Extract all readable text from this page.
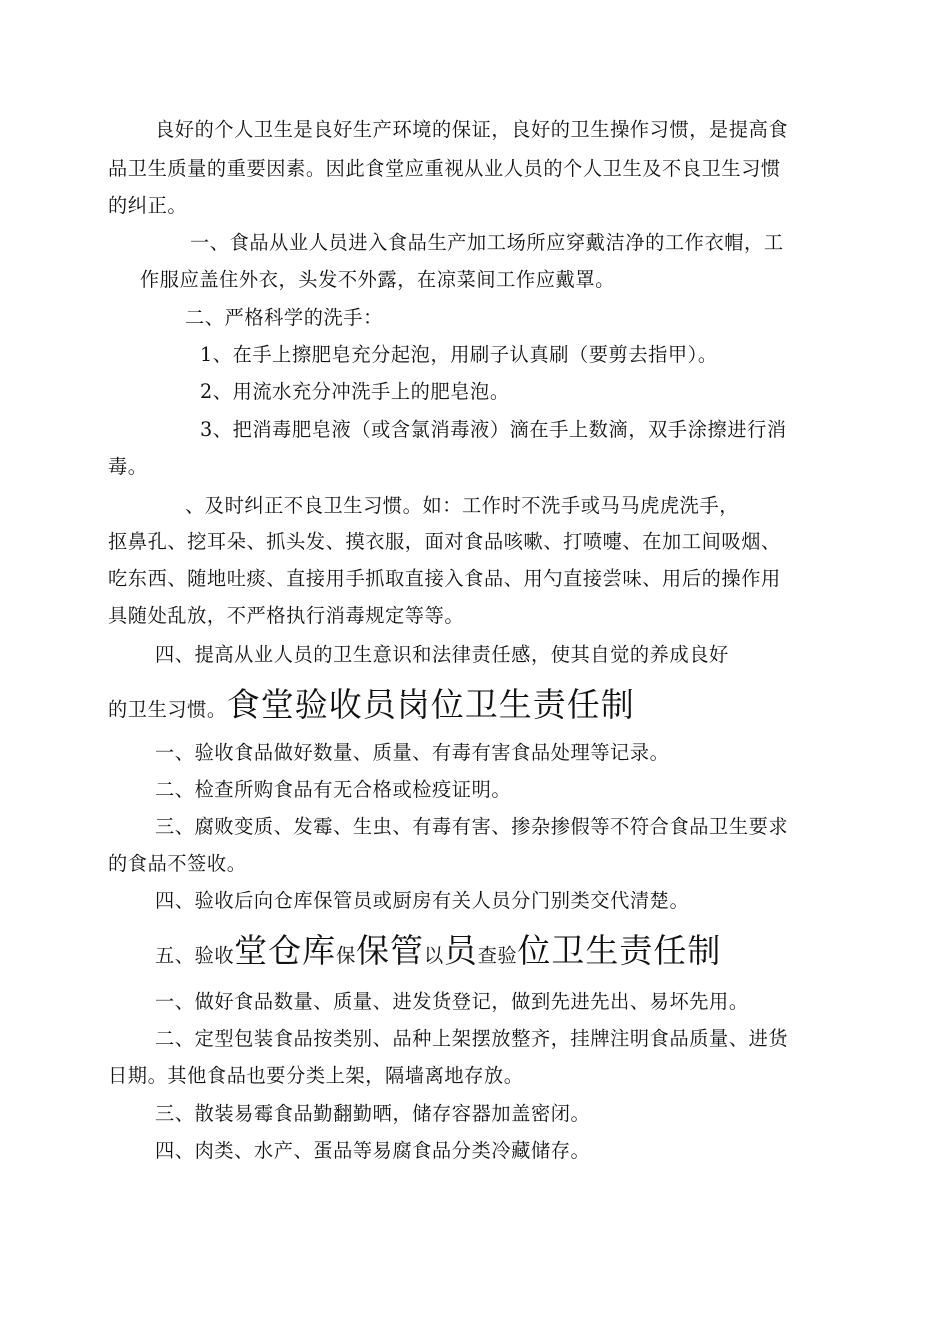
良好的个人卫生是良好生产环境的保证，良好的卫生操作习惯，是提高食
品卫生质量的重要因素。因此食堂应重视从业人员的个人卫生及不良卫生习惯
的纠正。
一、食品从业人员进入食品生产加工场所应穿戴洁净的工作衣帽，工
作服应盖住外衣，头发不外露，在凉菜间工作应戴罩。
二、严格科学的洗手：
1、在手上擦肥皂充分起泡，用刷子认真刷（要剪去指甲）。
2、用流水充分冲洗手上的肥皂泡。
3、把消毒肥皂液（或含氯消毒液）滴在手上数滴，双手涂擦进行消
毒。
、及时纠正不良卫生习惯。如：工作时不洗手或马马虎虎洗手，
抠鼻孔、挖耳朵、抓头发、摸衣服，面对食品咳嗽、打喷嚏、在加工间吸烟、
吃东西、随地吐痰、直接用手抓取直接入食品、用勺直接尝味、用后的操作用
具随处乱放，不严格执行消毒规定等等。
四、提高从业人员的卫生意识和法律责任感，使其自觉的养成良好
的卫生习惯。食堂验收员岗位卫生责任制
一、验收食品做好数量、质量、有毒有害食品处理等记录。
二、检查所购食品有无合格或检疫证明。
三、腐败变质、发霉、生虫、有毒有害、掺杂掺假等不符合食品卫生要求
的食品不签收。
四、验收后向仓库保管员或厨房有关人员分门别类交代清楚。
五、验收堂仓库保保管以员查验位卫生责任制
一、做好食品数量、质量、进发货登记，做到先进先出、易坏先用。
二、定型包装食品按类别、品种上架摆放整齐，挂牌注明食品质量、进货
日期。其他食品也要分类上架，隔墙离地存放。
三、散装易霉食品勤翻勤晒，储存容器加盖密闭。
四、肉类、水产、蛋品等易腐食品分类冷藏储存。
